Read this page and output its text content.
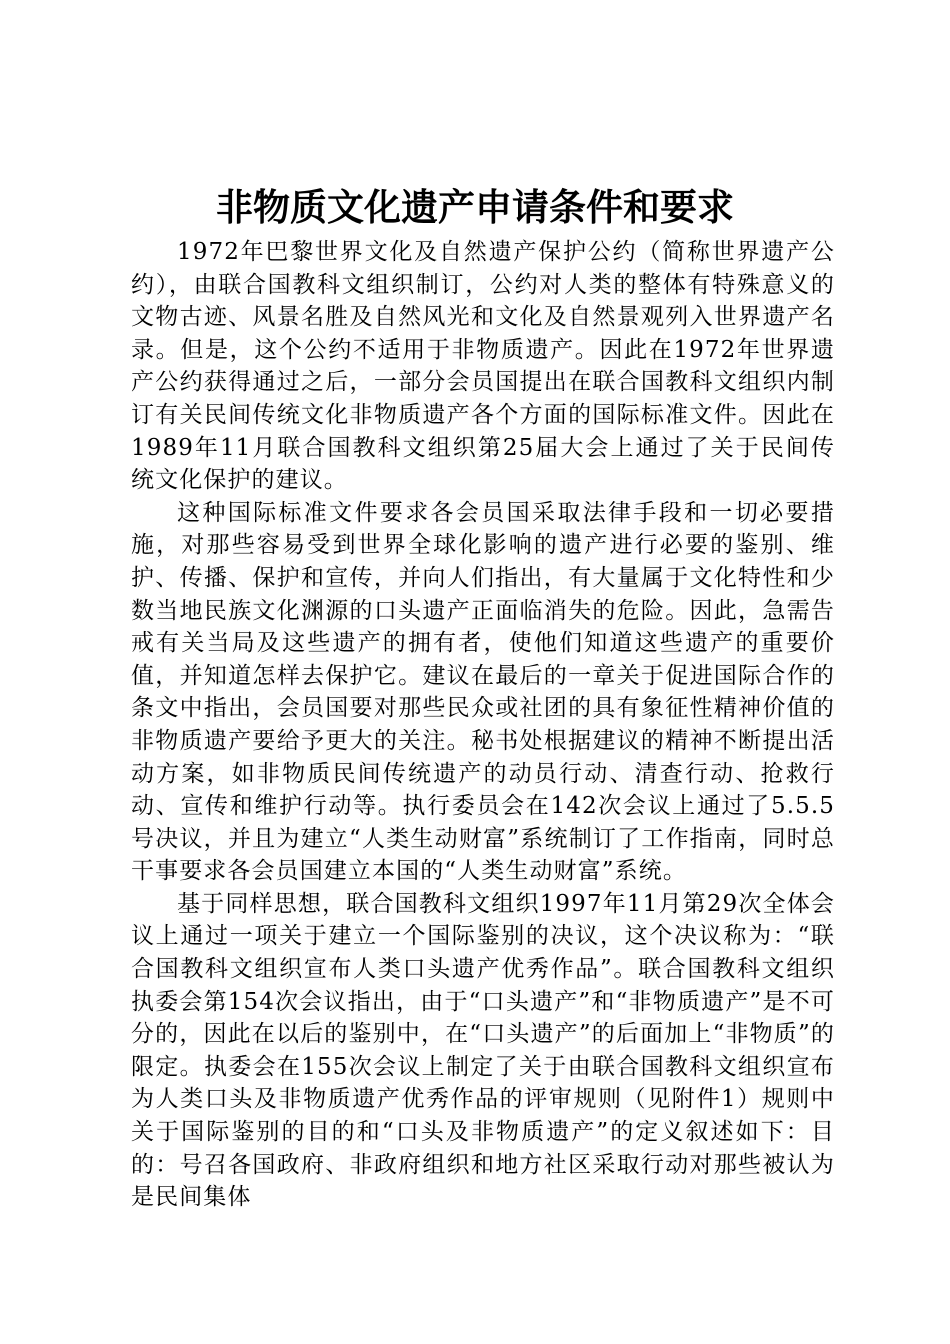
非物质文化遗产申请条件和要求

1972年巴黎世界文化及自然遗产保护公约（简称世界遗产公约），由联合国教科文组织制订，公约对人类的整体有特殊意义的文物古迹、风景名胜及自然风光和文化及自然景观列入世界遗产名录。但是，这个公约不适用于非物质遗产。因此在1972年世界遗产公约获得通过之后，一部分会员国提出在联合国教科文组织内制订有关民间传统文化非物质遗产各个方面的国际标准文件。因此在1989年11月联合国教科文组织第25届大会上通过了关于民间传统文化保护的建议。

这种国际标准文件要求各会员国采取法律手段和一切必要措施，对那些容易受到世界全球化影响的遗产进行必要的鉴别、维护、传播、保护和宣传，并向人们指出，有大量属于文化特性和少数当地民族文化渊源的口头遗产正面临消失的危险。因此，急需告戒有关当局及这些遗产的拥有者，使他们知道这些遗产的重要价值，并知道怎样去保护它。建议在最后的一章关于促进国际合作的条文中指出，会员国要对那些民众或社团的具有象征性精神价值的非物质遗产要给予更大的关注。秘书处根据建议的精神不断提出活动方案，如非物质民间传统遗产的动员行动、清查行动、抢救行动、宣传和维护行动等。执行委员会在142次会议上通过了5.5.5号决议，并且为建立“人类生动财富”系统制订了工作指南，同时总干事要求各会员国建立本国的“人类生动财富”系统。

基于同样思想，联合国教科文组织1997年11月第29次全体会议上通过一项关于建立一个国际鉴别的决议，这个决议称为：“联合国教科文组织宣布人类口头遗产优秀作品”。联合国教科文组织执委会第154次会议指出，由于“口头遗产”和“非物质遗产”是不可分的，因此在以后的鉴别中，在“口头遗产”的后面加上“非物质”的限定。执委会在155次会议上制定了关于由联合国教科文组织宣布为人类口头及非物质遗产优秀作品的评审规则（见附件1）规则中关于国际鉴别的目的和“口头及非物质遗产”的定义叙述如下：目的：号召各国政府、非政府组织和地方社区采取行动对那些被认为是民间集体
